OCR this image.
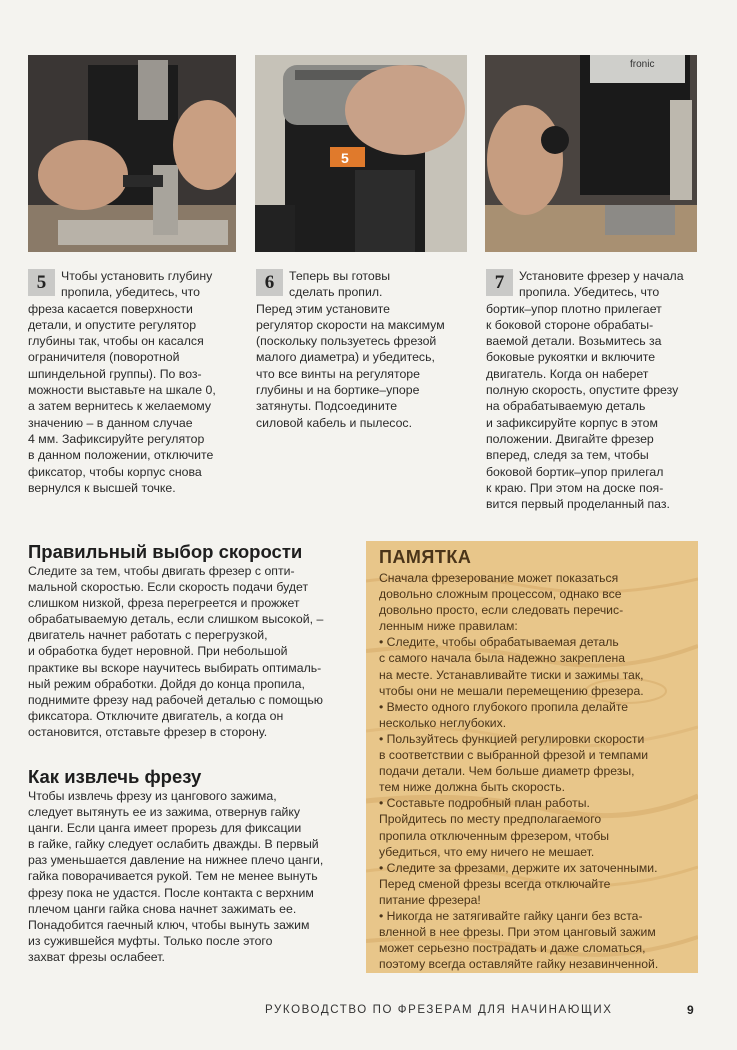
5
fronic
5	Чтобы установить глубину
пропила, убедитесь, что
фреза касается поверхности
детали, и опустите регулятор
глубины так, чтобы он касался
ограничителя (поворотной
шпиндельной группы). По воз-
можности выставьте на шкале 0,
а затем вернитесь к желаемому
значению – в данном случае
4 мм. Зафиксируйте регулятор
в данном положении, отключите
фиксатор, чтобы корпус снова
вернулся к высшей точке.
6	Теперь вы готовы
сделать пропил.
Перед этим установите
регулятор скорости на максимум
(поскольку пользуетесь фрезой
малого диаметра) и убедитесь,
что все винты на регуляторе
глубины и на бортике–упоре
затянуты. Подсоедините
силовой кабель и пылесос.
7	Установите фрезер у начала
пропила. Убедитесь, что
бортик–упор плотно прилегает
к боковой стороне обрабаты-
ваемой детали. Возьмитесь за
боковые рукоятки и включите
двигатель. Когда он наберет
полную скорость, опустите фрезу
на обрабатываемую деталь
и зафиксируйте корпус в этом
положении. Двигайте фрезер
вперед, следя за тем, чтобы
боковой бортик–упор прилегал
к краю. При этом на доске поя-
вится первый проделанный паз.
Правильный выбор скорости
Следите за тем, чтобы двигать фрезер с опти-
мальной скоростью. Если скорость подачи будет
слишком низкой, фреза перегреется и прожжет
обрабатываемую деталь, если слишком высокой, –
двигатель начнет работать с перегрузкой,
и обработка будет неровной. При небольшой
практике вы вскоре научитесь выбирать оптималь-
ный режим обработки. Дойдя до конца пропила,
поднимите фрезу над рабочей деталью с помощью
фиксатора. Отключите двигатель, а когда он
остановится, отставьте фрезер в сторону.
Как извлечь фрезу
Чтобы извлечь фрезу из цангового зажима,
следует вытянуть ее из зажима, отвернув гайку
цанги. Если цанга имеет прорезь для фиксации
в гайке, гайку следует ослабить дважды. В первый
раз уменьшается давление на нижнее плечо цанги,
гайка поворачивается рукой. Тем не менее вынуть
фрезу пока не удастся. После контакта с верхним
плечом цанги гайка снова начнет зажимать ее.
Понадобится гаечный ключ, чтобы вынуть зажим
из сужившейся муфты. Только после этого
захват фрезы ослабеет.
ПАМЯТКА
Сначала фрезерование может показаться
довольно сложным процессом, однако все
довольно просто, если следовать перечис-
ленным ниже правилам:
• Следите, чтобы обрабатываемая деталь
с самого начала была надежно закреплена
на месте. Устанавливайте тиски и зажимы так,
чтобы они не мешали перемещению фрезера.
• Вместо одного глубокого пропила делайте
несколько неглубоких.
• Пользуйтесь функцией регулировки скорости
в соответствии с выбранной фрезой и темпами
подачи детали. Чем больше диаметр фрезы,
тем ниже должна быть скорость.
• Составьте подробный план работы.
Пройдитесь по месту предполагаемого
пропила отключенным фрезером, чтобы
убедиться, что ему ничего не мешает.
• Следите за фрезами, держите их заточенными.
Перед сменой фрезы всегда отключайте
питание фрезера!
• Никогда не затягивайте гайку цанги без вста-
вленной в нее фрезы. При этом цанговый зажим
может серьезно пострадать и даже сломаться,
поэтому всегда оставляйте гайку незавинченной.
РУКОВОДСТВО ПО ФРЕЗЕРАМ ДЛЯ НАЧИНАЮЩИХ	9
